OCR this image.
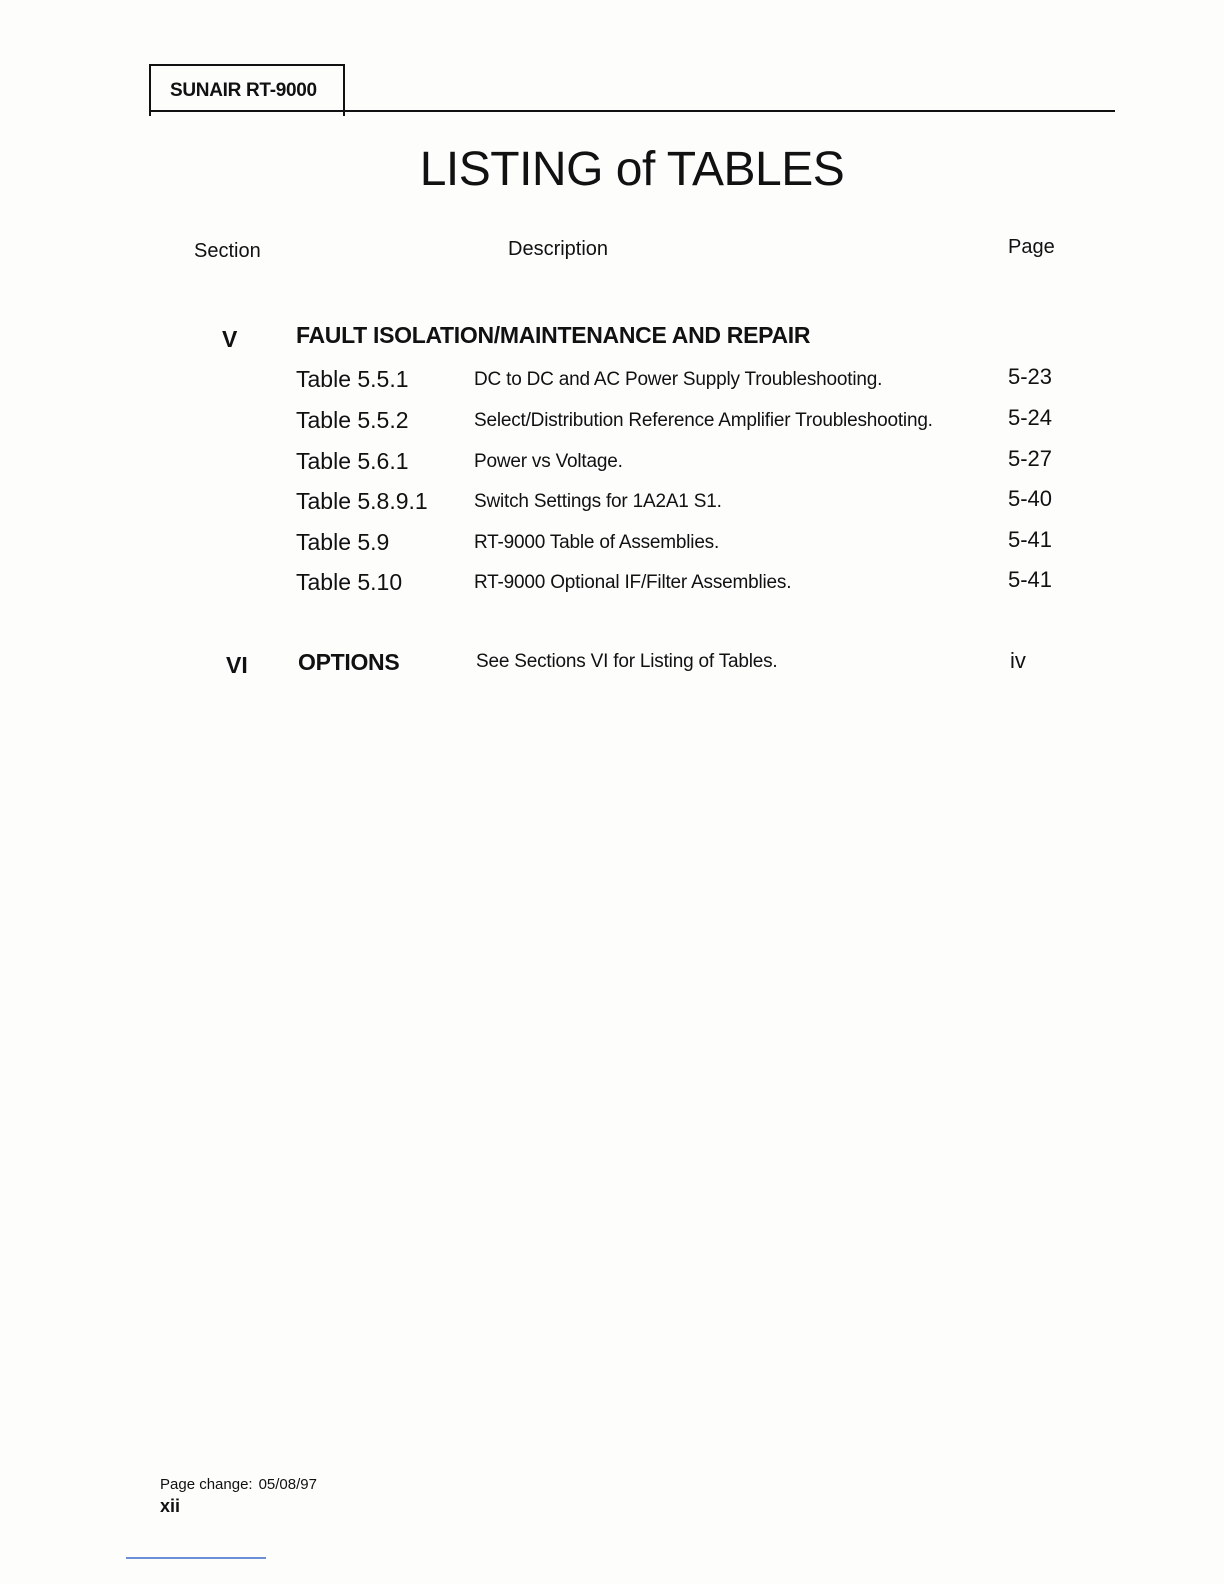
SUNAIR RT-9000
LISTING of TABLES
Section	Description	Page
V	FAULT ISOLATION/MAINTENANCE AND REPAIR
Table 5.5.1	DC to DC and AC Power Supply Troubleshooting.	5-23
Table 5.5.2	Select/Distribution Reference Amplifier Troubleshooting.	5-24
Table 5.6.1	Power vs Voltage.	5-27
Table 5.8.9.1 Switch Settings for 1A2A1 S1.	5-40
Table 5.9	RT-9000 Table of Assemblies.	5-41
Table 5.10	RT-9000 Optional IF/Filter Assemblies.	5-41
VI OPTIONS	See Sections VI for Listing of Tables.	iv
Page change: 05/08/97
xii
